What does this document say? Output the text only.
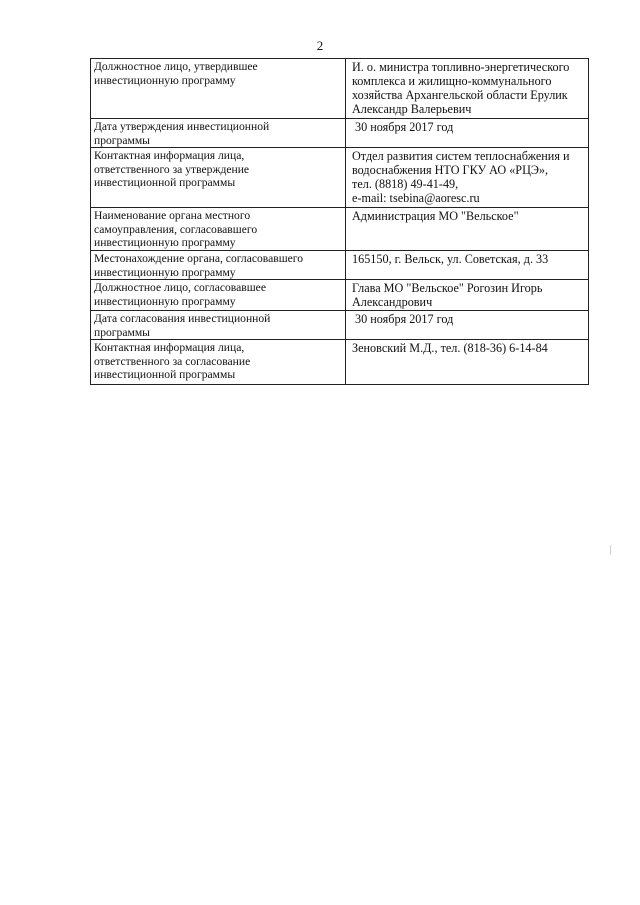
2
Должностное лицо, утвердившее
инвестиционную программу	И. о. министра топливно-энергетического
комплекса и жилищно-коммунального
хозяйства Архангельской области Ерулик
Александр Валерьевич

Дата утверждения инвестиционной
программы	30 ноября 2017 год

Контактная информация лица,
ответственного за утверждение
инвестиционной программы	Отдел развития систем теплоснабжения и
водоснабжения НТО ГКУ АО «РЦЭ»,
тел. (8818) 49-41-49,
e-mail: tsebina@aoresc.ru

Наименование органа местного
самоуправления, согласовавшего
инвестиционную программу	Администрация МО "Вельское"

Местонахождение органа, согласовавшего
инвестиционную программу	165150, г. Вельск, ул. Советская, д. 33

Должностное лицо, согласовавшее
инвестиционную программу	Глава МО "Вельское" Рогозин Игорь
Александрович

Дата согласования инвестиционной
программы	30 ноября 2017 год

Контактная информация лица,
ответственного за согласование
инвестиционной программы	Зеновский М.Д., тел. (818-36) 6-14-84
